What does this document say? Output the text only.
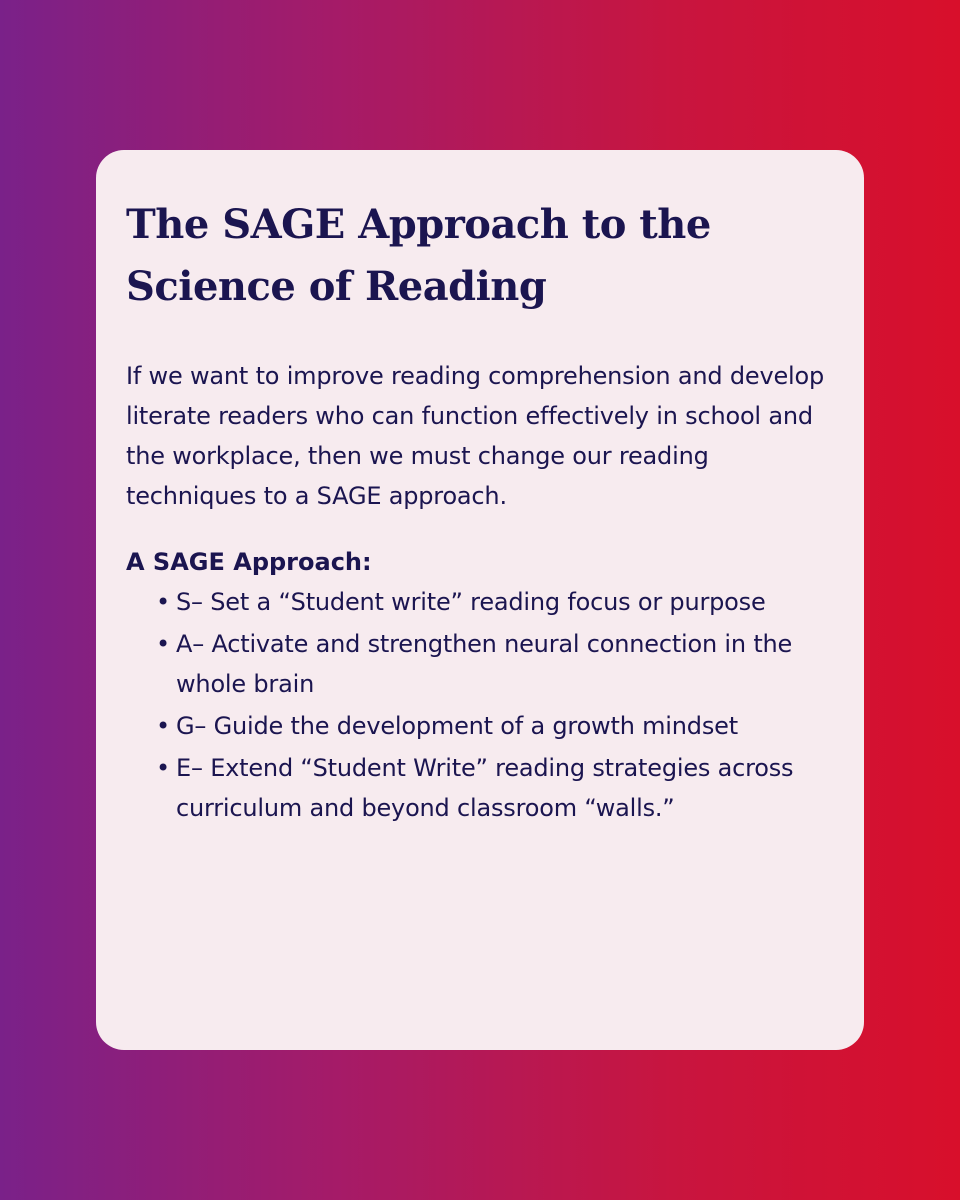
The SAGE Approach to the Science of Reading

If we want to improve reading comprehension and develop literate readers who can function effectively in school and the workplace, then we must change our reading techniques to a SAGE approach.

A SAGE Approach:
• S– Set a “Student write” reading focus or purpose
• A– Activate and strengthen neural connection in the whole brain
• G– Guide the development of a growth mindset
• E– Extend “Student Write” reading strategies across curriculum and beyond classroom “walls.”
